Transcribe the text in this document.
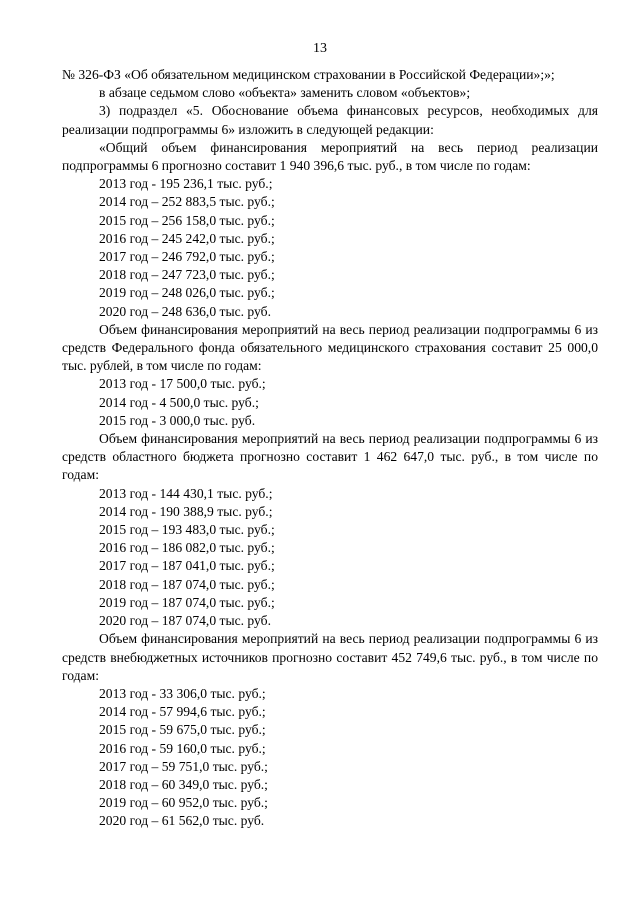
13

№ 326-ФЗ «Об обязательном медицинском страховании в Российской Федерации»;»;

в абзаце седьмом слово «объекта» заменить словом «объектов»;

3) подраздел «5. Обоснование объема финансовых ресурсов, необходимых для реализации подпрограммы 6» изложить в следующей редакции:

«Общий объем финансирования мероприятий на весь период реализации подпрограммы 6 прогнозно составит 1 940 396,6 тыс. руб., в том числе по годам:

2013 год - 195 236,1 тыс. руб.;

2014 год – 252 883,5 тыс. руб.;

2015 год – 256 158,0 тыс. руб.;

2016 год – 245 242,0 тыс. руб.;

2017 год – 246 792,0 тыс. руб.;

2018 год – 247 723,0 тыс. руб.;

2019 год – 248 026,0 тыс. руб.;

2020 год – 248 636,0 тыс. руб.

Объем финансирования мероприятий на весь период реализации подпрограммы 6 из средств Федерального фонда обязательного медицинского страхования составит 25 000,0 тыс. рублей, в том числе по годам:

2013 год - 17 500,0 тыс. руб.;

2014 год - 4 500,0 тыс. руб.;

2015 год - 3 000,0 тыс. руб.

Объем финансирования мероприятий на весь период реализации подпрограммы 6 из средств областного бюджета прогнозно составит 1 462 647,0 тыс. руб., в том числе по годам:

2013 год - 144 430,1 тыс. руб.;

2014 год - 190 388,9 тыс. руб.;

2015 год – 193 483,0 тыс. руб.;

2016 год – 186 082,0 тыс. руб.;

2017 год – 187 041,0 тыс. руб.;

2018 год – 187 074,0 тыс. руб.;

2019 год – 187 074,0 тыс. руб.;

2020 год – 187 074,0 тыс. руб.

Объем финансирования мероприятий на весь период реализации подпрограммы 6 из средств внебюджетных источников прогнозно составит 452 749,6 тыс. руб., в том числе по годам:

2013 год - 33 306,0 тыс. руб.;

2014 год - 57 994,6 тыс. руб.;

2015 год - 59 675,0 тыс. руб.;

2016 год - 59 160,0 тыс. руб.;

2017 год – 59 751,0 тыс. руб.;

2018 год – 60 349,0 тыс. руб.;

2019 год – 60 952,0 тыс. руб.;

2020 год – 61 562,0 тыс. руб.
